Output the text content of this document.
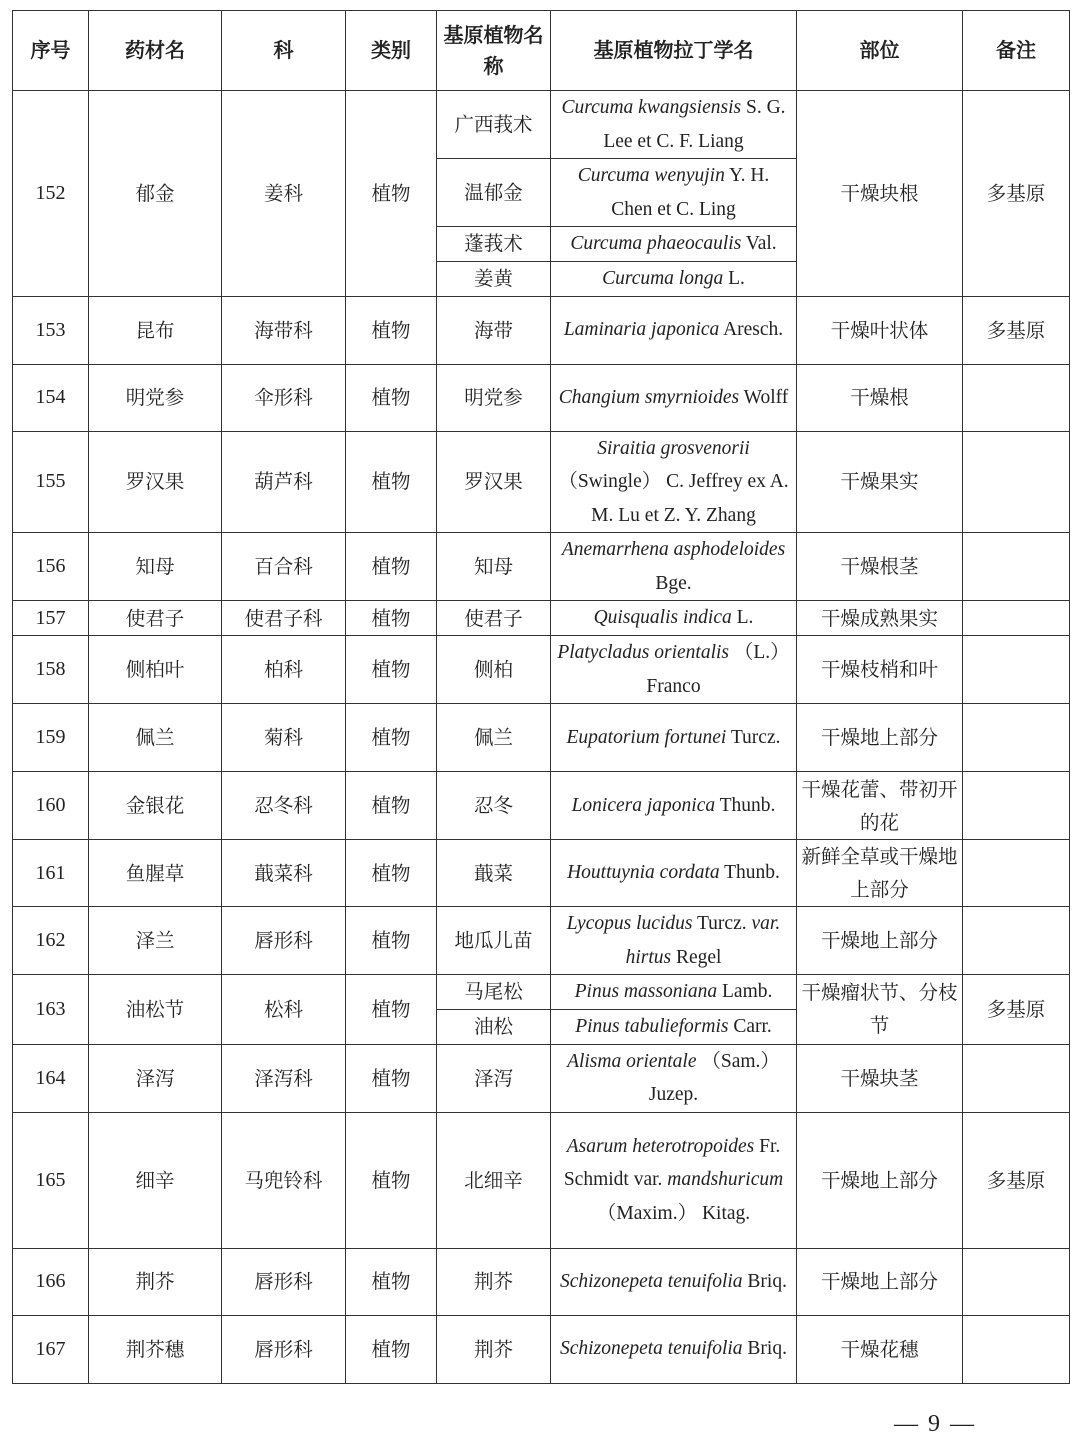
序号	药材名	科	类别	基原植物名称	基原植物拉丁学名	部位	备注
152	郁金	姜科	植物	广西莪术	Curcuma kwangsiensis S. G. Lee et C. F. Liang	干燥块根	多基原
				温郁金	Curcuma wenyujin Y. H. Chen et C. Ling		
				蓬莪术	Curcuma phaeocaulis Val.		
				姜黄	Curcuma longa L.		
153	昆布	海带科	植物	海带	Laminaria japonica Aresch.	干燥叶状体	多基原
154	明党参	伞形科	植物	明党参	Changium smyrnioides Wolff	干燥根	
155	罗汉果	葫芦科	植物	罗汉果	Siraitia grosvenorii （Swingle） C. Jeffrey ex A. M. Lu et Z. Y. Zhang	干燥果实	
156	知母	百合科	植物	知母	Anemarrhena asphodeloides Bge.	干燥根茎	
157	使君子	使君子科	植物	使君子	Quisqualis indica L.	干燥成熟果实	
158	侧柏叶	柏科	植物	侧柏	Platycladus orientalis （L.） Franco	干燥枝梢和叶	
159	佩兰	菊科	植物	佩兰	Eupatorium fortunei Turcz.	干燥地上部分	
160	金银花	忍冬科	植物	忍冬	Lonicera japonica Thunb.	干燥花蕾、带初开的花	
161	鱼腥草	蕺菜科	植物	蕺菜	Houttuynia cordata Thunb.	新鲜全草或干燥地上部分	
162	泽兰	唇形科	植物	地瓜儿苗	Lycopus lucidus Turcz. var. hirtus Regel	干燥地上部分	
163	油松节	松科	植物	马尾松	Pinus massoniana Lamb.	干燥瘤状节、分枝节	多基原
				油松	Pinus tabulieformis Carr.		
164	泽泻	泽泻科	植物	泽泻	Alisma orientale （Sam.） Juzep.	干燥块茎	
165	细辛	马兜铃科	植物	北细辛	Asarum heterotropoides Fr. Schmidt var. mandshuricum （Maxim.） Kitag.	干燥地上部分	多基原
166	荆芥	唇形科	植物	荆芥	Schizonepeta tenuifolia Briq.	干燥地上部分	
167	荆芥穗	唇形科	植物	荆芥	Schizonepeta tenuifolia Briq.	干燥花穗	
— 9 —
